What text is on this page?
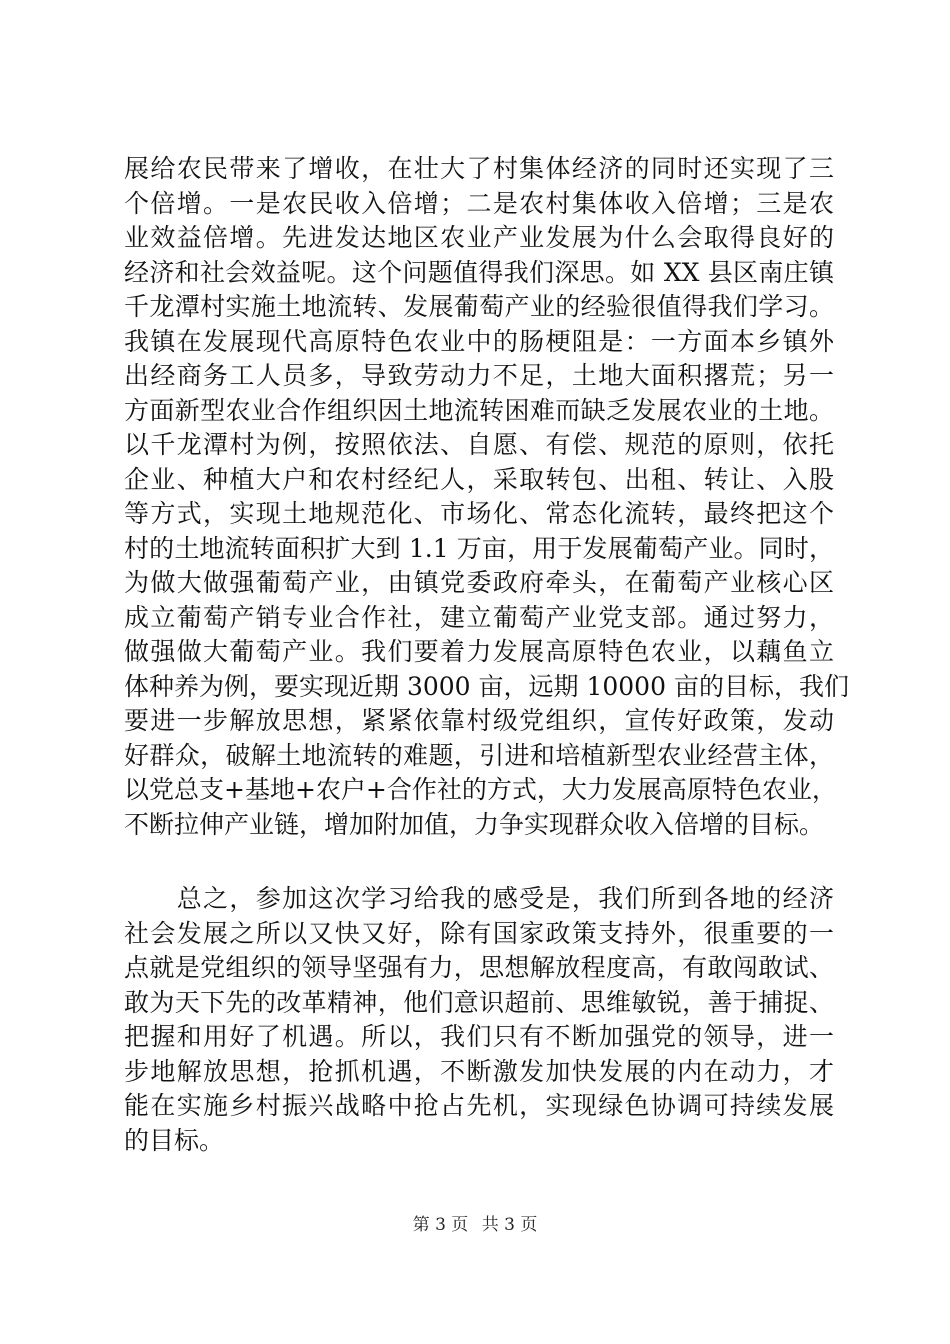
展给农民带来了增收，在壮大了村集体经济的同时还实现了三
个倍增。一是农民收入倍增；二是农村集体收入倍增；三是农
业效益倍增。先进发达地区农业产业发展为什么会取得良好的
经济和社会效益呢。这个问题值得我们深思。如 XX 县区南庄镇
千龙潭村实施土地流转、发展葡萄产业的经验很值得我们学习。
我镇在发展现代高原特色农业中的肠梗阻是：一方面本乡镇外
出经商务工人员多，导致劳动力不足，土地大面积撂荒；另一
方面新型农业合作组织因土地流转困难而缺乏发展农业的土地。
以千龙潭村为例，按照依法、自愿、有偿、规范的原则，依托
企业、种植大户和农村经纪人，采取转包、出租、转让、入股
等方式，实现土地规范化、市场化、常态化流转，最终把这个
村的土地流转面积扩大到 1.1 万亩，用于发展葡萄产业。同时，
为做大做强葡萄产业，由镇党委政府牵头，在葡萄产业核心区
成立葡萄产销专业合作社，建立葡萄产业党支部。通过努力，
做强做大葡萄产业。我们要着力发展高原特色农业，以藕鱼立
体种养为例，要实现近期 3000 亩，远期 10000 亩的目标，我们
要进一步解放思想，紧紧依靠村级党组织，宣传好政策，发动
好群众，破解土地流转的难题，引进和培植新型农业经营主体，
以党总支+基地+农户+合作社的方式，大力发展高原特色农业，
不断拉伸产业链，增加附加值，力争实现群众收入倍增的目标。
　　总之，参加这次学习给我的感受是，我们所到各地的经济
社会发展之所以又快又好，除有国家政策支持外，很重要的一
点就是党组织的领导坚强有力，思想解放程度高，有敢闯敢试、
敢为天下先的改革精神，他们意识超前、思维敏锐，善于捕捉、
把握和用好了机遇。所以，我们只有不断加强党的领导，进一
步地解放思想，抢抓机遇，不断激发加快发展的内在动力，才
能在实施乡村振兴战略中抢占先机，实现绿色协调可持续发展
的目标。
第 3 页 共 3 页
